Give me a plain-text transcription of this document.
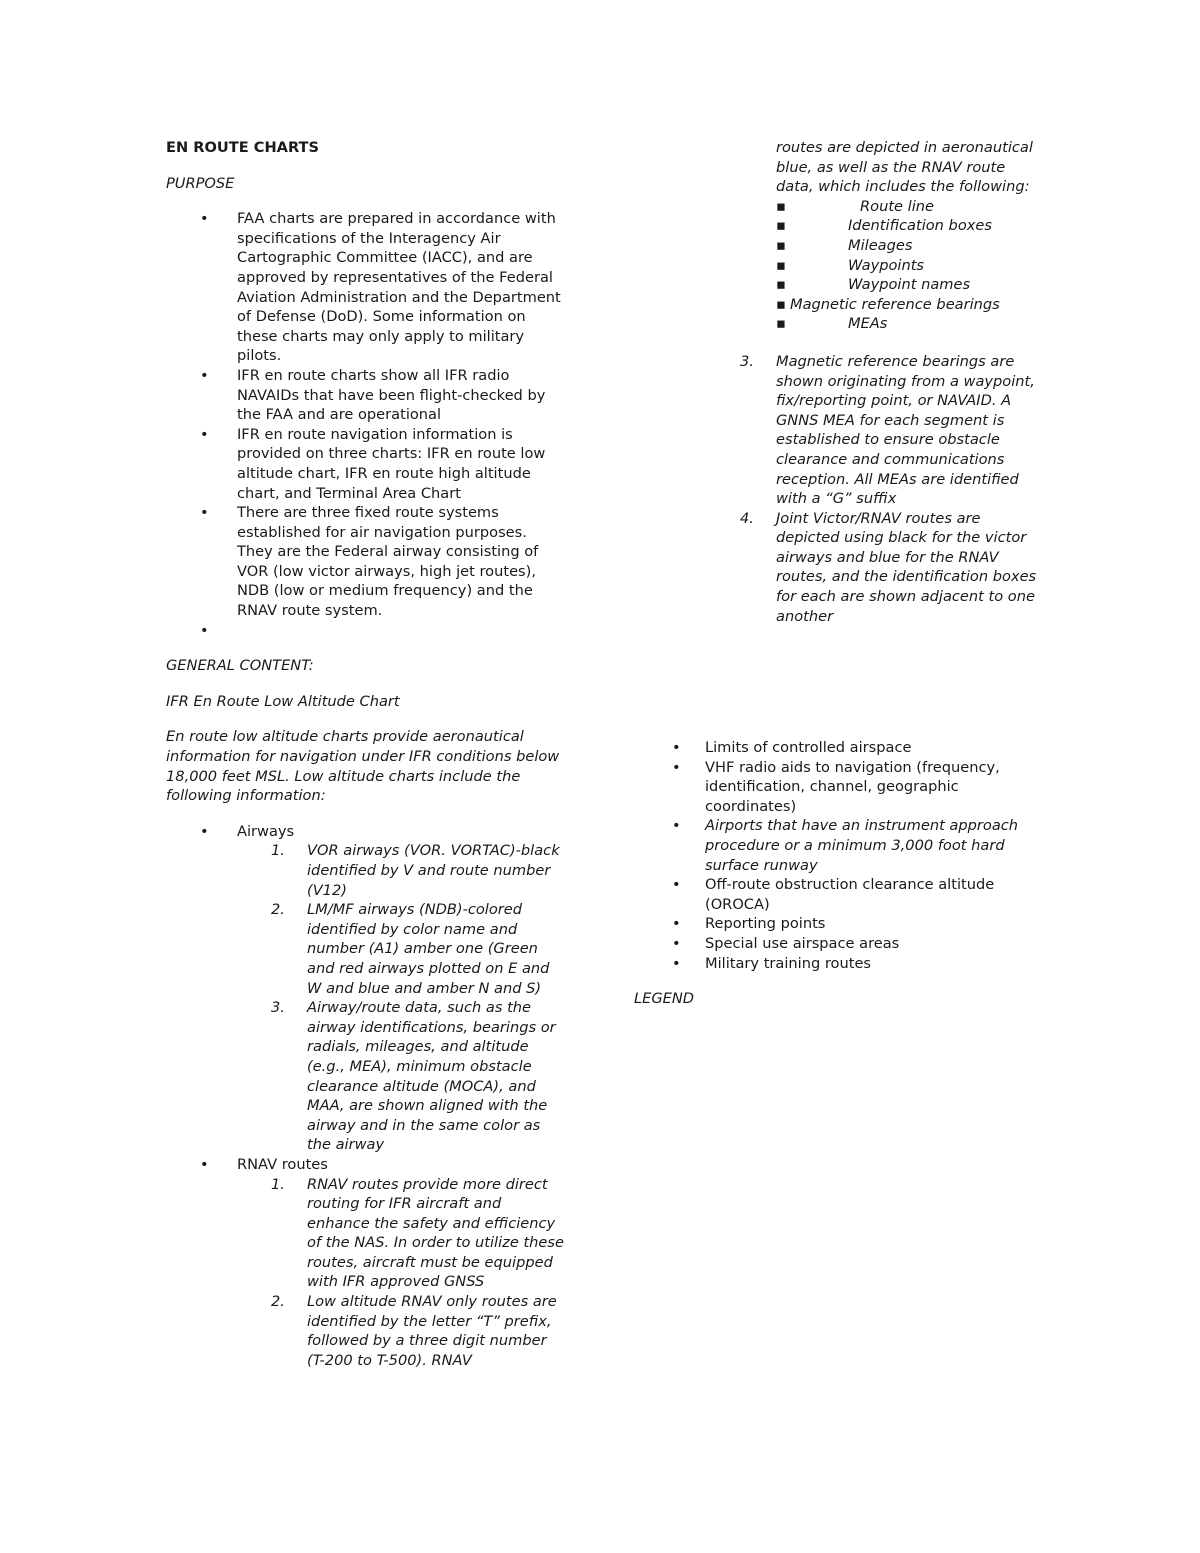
EN ROUTE CHARTS
PURPOSE
• FAA charts are prepared in accordance with specifications of the Interagency Air Cartographic Committee (IACC), and are approved by representatives of the Federal Aviation Administration and the Department of Defense (DoD). Some information on these charts may only apply to military pilots.
• IFR en route charts show all IFR radio NAVAIDs that have been flight-checked by the FAA and are operational
• IFR en route navigation information is provided on three charts: IFR en route low altitude chart, IFR en route high altitude chart, and Terminal Area Chart
• There are three fixed route systems established for air navigation purposes. They are the Federal airway consisting of VOR (low victor airways, high jet routes), NDB (low or medium frequency) and the RNAV route system.
•
GENERAL CONTENT:
IFR En Route Low Altitude Chart
En route low altitude charts provide aeronautical information for navigation under IFR conditions below 18,000 feet MSL. Low altitude charts include the following information:
• Airways
1. VOR airways (VOR. VORTAC)-black identified by V and route number (V12)
2. LM/MF airways (NDB)-colored identified by color name and number (A1) amber one (Green and red airways plotted on E and W and blue and amber N and S)
3. Airway/route data, such as the airway identifications, bearings or radials, mileages, and altitude (e.g., MEA), minimum obstacle clearance altitude (MOCA), and MAA, are shown aligned with the airway and in the same color as the airway
• RNAV routes
1. RNAV routes provide more direct routing for IFR aircraft and enhance the safety and efficiency of the NAS. In order to utilize these routes, aircraft must be equipped with IFR approved GNSS
2. Low altitude RNAV only routes are identified by the letter “T” prefix, followed by a three digit number (T-200 to T-500). RNAV
routes are depicted in aeronautical blue, as well as the RNAV route data, which includes the following:
▪ Route line
▪ Identification boxes
▪ Mileages
▪ Waypoints
▪ Waypoint names
▪ Magnetic reference bearings
▪ MEAs
3. Magnetic reference bearings are shown originating from a waypoint, fix/reporting point, or NAVAID. A GNNS MEA for each segment is established to ensure obstacle clearance and communications reception. All MEAs are identified with a “G” suffix
4. Joint Victor/RNAV routes are depicted using black for the victor airways and blue for the RNAV routes, and the identification boxes for each are shown adjacent to one another
• Limits of controlled airspace
• VHF radio aids to navigation (frequency, identification, channel, geographic coordinates)
• Airports that have an instrument approach procedure or a minimum 3,000 foot hard surface runway
• Off-route obstruction clearance altitude (OROCA)
• Reporting points
• Special use airspace areas
• Military training routes
LEGEND
